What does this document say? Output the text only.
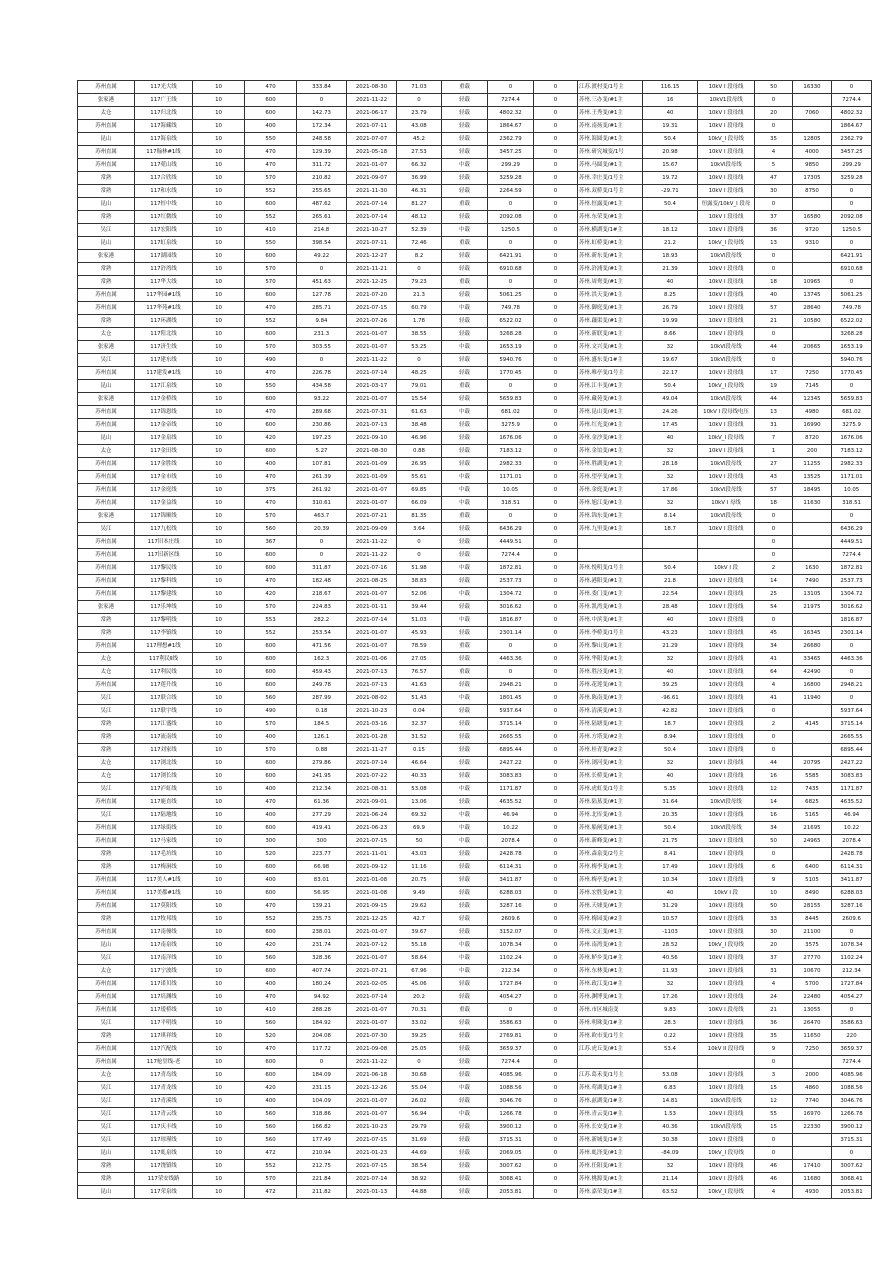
苏州直属	117光大线	10	470	333.84	2021-08-30	71.03	重载	0	0	江苏.渡村变/1号主	116.15	10kV I 段母线	50	16330	0
张家港	117广王线	10	600	0	2021-11-22	0	轻载	7274.4	0	苏州.三办变/#1主	16	10kV1段母线	0		7274.4
太仓	117归北线	10	600	142.73	2021-06-17	23.79	轻载	4802.32	0	苏州.王秀变/#1主	40	10kV I 段母线	20	7060	4802.32
苏州直属	117海藏线	10	400	172.34	2021-07-11	43.08	轻载	1864.67	0	苏州.南扬变/#1主	19.31	10kV I 段母线	0		1864.67
昆山	117海泉线	10	550	248.58	2021-07-07	45.2	轻载	2362.79	0	苏州.海圆变/#1主	50.4	10kV_I 段母线	35	12805	2362.79
苏州直属	117翰林#1线	10	470	129.39	2021-05-18	27.53	轻载	3457.25	0	苏州.研究城变/1号	20.98	10kV I 段母线	4	4000	3457.25
苏州直属	117菀山线	10	470	311.72	2021-01-07	66.32	中载	299.29	0	苏州.马圆变/#1主	15.67	10kVI段母线	5	9850	299.29
常熟	117合欣线	10	570	210.82	2021-09-07	36.99	轻载	3259.28	0	苏州.幸庄变/1号主	19.72	10kV I 段母线	47	17305	3259.28
常熟	117和水线	10	552	255.65	2021-11-30	46.31	轻载	2264.59	0	苏州.双桥变/1号主	-29.71	10kV I 段母线	30	8750	0
昆山	117恒中线	10	600	487.62	2021-07-14	81.27	重载	0	0	苏州.恒露变/#1主	50.4	恒露变/10kV_I 段母	0		0
常熟	117红微线	10	552	265.61	2021-07-14	48.12	轻载	2092.08	0	苏州.东荣变/#1主		10kV I 段母线	37	16580	2092.08
吴江	117宏阳线	10	410	214.8	2021-10-27	52.39	中载	1250.5	0	苏州.横湖变/1#主	18.12	10kV I 段母线	36	9720	1250.5
昆山	117虹泉线	10	550	398.54	2021-07-11	72.46	重载	0	0	苏州.虹桥变/#1主	21.2	10kV_I 段母线	13	9310	0
张家港	117湖园线	10	600	49.22	2021-12-27	8.2	轻载	6421.91	0	苏州.新东变/#1主	18.93	10kVI段母线	0		6421.91
常熟	117浒湾线	10	570	0	2021-11-21	0	轻载	6910.68	0	苏州.浒浦变/#1主	21.39	10kV I 段母线	0		6910.68
常熟	117华大线	10	570	451.63	2021-12-25	79.23	重载	0	0	苏州.周鸯变/#1主	40	10kV I 段母线	18	10965	0
苏州直属	117华园#1线	10	600	127.78	2021-07-20	21.3	轻载	5061.25	0	苏州.洪天变/#1主	8.25	10kV I 段母线	40	13745	5061.25
苏州直属	117华苑#1线	10	470	285.71	2021-07-15	60.79	中载	749.78	0	苏州.御庭变/#1主	26.79	10kV I 段母线	57	28640	749.78
常熟	117环湖线	10	552	9.84	2021-07-26	1.78	轻载	6522.02	0	苏州.藕渠变/#1主	19.99	10kV I 段母线	21	10580	6522.02
太仓	117隍北线	10	600	231.3	2021-01-07	38.55	轻载	3268.28	0	苏州.新联变/#1主	8.66	10kV I 段母线	0		3268.28
张家港	117济生线	10	570	303.55	2021-01-07	53.25	中载	1653.19	0	苏州.文兴变/#1主	32	10kVI段母线	44	20665	1653.19
吴江	117建东线	10	490	0	2021-11-22	0	轻载	5940.76	0	苏州.盛东变/1#主	19.67	10kVI段母线	0		5940.76
苏州直属	117建发#1线	10	470	226.78	2021-07-14	48.25	轻载	1770.45	0	苏州.唯亭变/1号主	22.17	10kV I 段母线	17	7250	1770.45
昆山	117江泉线	10	550	434.58	2021-03-17	79.01	重载	0	0	苏州.江丰变/#1主	50.4	10kV_I 段母线	19	7145	0
张家港	117金桥线	10	600	93.22	2021-01-07	15.54	轻载	5659.83	0	苏州.藏苑变/#1主	49.04	10kVI段母线	44	12345	5659.83
苏州直属	117锦恩线	10	470	289.68	2021-07-31	61.63	中载	681.02	0	苏州.昆山变/#1主	24.26	10kV I 段母线电压	13	4980	681.02
苏州直属	117金帝线	10	600	230.86	2021-07-13	38.48	轻载	3275.9	0	苏州.红光变/#1主	17.45	10kV I 段母线	31	16990	3275.9
昆山	117金泉线	10	420	197.23	2021-09-10	46.96	轻载	1676.06	0	苏州.金沙变/#1主	40	10kV_I 段母线	7	8720	1676.06
太仓	117金田线	10	600	5.27	2021-08-30	0.88	轻载	7183.12	0	苏州.金谊变/#1主	32	10kV I 段母线	1	200	7183.12
苏州直属	117金胜线	10	400	107.81	2021-01-09	26.95	轻载	2982.33	0	苏州.胜湖变/#1主	28.18	10kVI段母线	27	11255	2982.33
苏州直属	117金市线	10	470	261.39	2021-01-09	55.61	中载	1171.01	0	苏州.望亭变/#1主	32	10kV I 段母线	43	13525	1171.01
苏州直属	117金庭线	10	375	261.92	2021-01-07	69.85	中载	10.05	0	苏州.金庭变/#1主	17.86	10kVI段母线	57	18495	10.05
苏州直属	117金益线	10	470	310.61	2021-01-07	66.09	中载	318.51	0	苏州.旭江变/#1主	32	10kV I 母线	18	11630	318.51
张家港	117锦顺线	10	570	463.7	2021-07-21	81.35	重载	0	0	苏州.锦东变/#1主	8.14	10kVI段母线	0		0
吴江	117九松线	10	560	20.39	2021-09-09	3.64	轻载	6436.29	0	苏州.九里变/#1主	18.7	10kV I 段母线	0		6436.29
苏州直属	117旧本庄线	10	367	0	2021-11-22	0	轻载	4449.51	0				0		4449.51
苏州直属	117旧新区线	10	600	0	2021-11-22	0	轻载	7274.4	0				0		7274.4
苏州直属	117黎民线	10	600	311.87	2021-07-16	51.98	中载	1872.81	0	苏州.悦明变/1号主	50.4	10kV I 段	2	1630	1872.81
苏州直属	117黎科线	10	470	182.48	2021-08-25	38.83	轻载	2537.73	0	苏州.港阳变/#1主	21.8	10kV I 段母线	14	7490	2537.73
苏州直属	117黎建线	10	420	218.67	2021-01-07	52.06	中载	1304.72	0	苏州.娄门变/#1主	22.54	10kV I 段母线	25	13105	1304.72
张家港	117乐坤线	10	570	224.83	2021-01-11	39.44	轻载	3016.62	0	苏州.凯湾变/#1主	28.48	10kV I 段母线	54	21975	3016.62
常熟	117黎明线	10	553	282.2	2021-07-14	51.03	中载	1816.87	0	苏州.中滨变/#1主	40	10kV I 段母线	0		1816.87
常熟	117李镇线	10	552	253.54	2021-01-07	45.93	轻载	2301.14	0	苏州.李桥变/1号主	43.23	10kV I 段母线	45	16345	2301.14
苏州直属	117理想#1线	10	600	471.56	2021-01-07	78.59	重载	0	0	苏州.黎山变/#1主	21.29	10kV I 段母线	34	26680	0
太仓	117利民Ⅱ线	10	600	162.3	2021-01-06	27.05	轻载	4463.36	0	苏州.华阳变/#1主	32	10kV I 段母线	41	33465	4463.36
太仓	117利民线	10	600	459.43	2021-07-13	76.57	重载	0	0	苏州.胜泾变/#1主	40	10kV I 段母线	64	42490	0
苏州直属	117莲升线	10	600	249.78	2021-07-13	41.63	轻载	2948.21	0	苏州.花莲变/#1主	39.25	10kV I 段母线	4	16800	2948.21
吴江	117联合线	10	560	287.99	2021-08-02	51.43	中载	1801.45	0	苏州.陈南变/#1主	-96.61	10kV I 段母线	41	11940	0
吴江	117联宇线	10	490	0.18	2021-10-23	0.04	轻载	5937.64	0	苏州.清溪变/#1主	42.82	10kV I 段母线	0		5937.64
常熟	117江盛线	10	570	184.5	2021-03-16	32.37	轻载	3715.14	0	苏州.陆塘变/#1主	18.7	10kV I 段母线	2	4145	3715.14
常熟	117流南线	10	400	126.1	2021-01-28	31.52	轻载	2665.55	0	苏州.方塔变/#2主	8.94	10kV I 段母线	0		2665.55
常熟	117刘家线	10	570	0.88	2021-11-27	0.15	轻载	6895.44	0	苏州.桂青变/#2主	50.4	10kV I 段母线	0		6895.44
太仓	117浏北线	10	600	279.86	2021-07-14	46.64	轻载	2427.22	0	苏州.浏河变/#1主	32	10kV I 段母线	44	20795	2427.22
太仓	117浏长线	10	600	241.95	2021-07-22	40.33	轻载	3083.83	0	苏州.长桥变/#1主	40	10kV I 段母线	16	5585	3083.83
吴江	117泸虹线	10	400	212.34	2021-08-31	53.08	中载	1171.87	0	苏州.虎虹变/1号主	5.35	10kV I 段母线	12	7435	1171.87
苏州直属	117鹿直线	10	470	61.36	2021-09-01	13.06	轻载	4635.52	0	苏州.陆墓变/#1主	31.64	10kVI段母线	14	6825	4635.52
吴江	117陆地线	10	400	277.29	2021-06-24	69.32	中载	46.94	0	苏州.北厍变/#1主	20.35	10kV I 段母线	16	5165	46.94
苏州直属	117绿街线	10	600	419.41	2021-06-23	69.9	中载	10.22	0	苏州.船闸变/#1主	50.4	10kVI段母线	34	21695	10.22
苏州直属	117马家线	10	300	300	2021-07-15	50	中载	2078.4	0	苏州.新峰变/#1主	21.75	10kV I 段母线	50	24965	2078.4
常熟	117毛坊线	10	520	223.77	2021-11-01	43.03	轻载	2428.78	0	苏州.森泉变/2号主	8.41	10kV I 段母线	0		2428.78
常熟	117梅涧线	10	600	66.98	2021-09-12	11.16	轻载	6114.31	0	苏州.梅李变/#1主	17.49	10kV I 段母线	6	6400	6114.31
苏州直属	117美人#1线	10	400	83.01	2021-01-08	20.75	轻载	3411.87	0	苏州.梅亭变/#1主	10.34	10kV I 段母线	9	5105	3411.87
苏州直属	117美都#1线	10	600	56.95	2021-01-08	9.49	轻载	6288.03	0	苏州.宏胜变/#1主	40	10kV I 段	10	8490	6288.03
苏州直属	117莫阳线	10	470	139.21	2021-09-15	29.62	轻载	3287.16	0	苏州.天墟变/#1主	31.29	10kV I 段母线	50	28155	3287.16
常熟	117牧邦线	10	552	235.73	2021-12-25	42.7	轻载	2609.6	0	苏州.梅园变/#2主	10.57	10kV I 段母线	33	8445	2609.6
苏州直属	117南僮线	10	600	238.01	2021-01-07	39.67	轻载	3152.07	0	苏州.文正变/#1主	-1103	10kV I 段母线	30	21100	0
昆山	117南泉线	10	420	231.74	2021-07-12	55.18	中载	1078.34	0	苏州.南湾变/#1主	28.52	10kV_I 段母线	20	3575	1078.34
吴江	117南洋线	10	560	328.36	2021-01-07	58.64	中载	1102.24	0	苏州.鲈乡变/1#主	40.56	10kV I 段母线	37	27770	1102.24
太仓	117宁波线	10	600	407.74	2021-07-21	67.96	中载	212.34	0	苏州.东林变/#1主	11.93	10kV I 段母线	31	10670	212.34
苏州直属	117诺贝线	10	400	180.24	2021-02-05	45.06	轻载	1727.84	0	苏州.政江变/1#主	32	10kV I 段母线	4	5700	1727.84
苏州直属	117培渊线	10	470	94.92	2021-07-14	20.2	轻载	4054.27	0	苏州.渊博变/#1主	17.26	10kV I 段母线	24	22480	4054.27
苏州直属	117瑷桥线	10	410	288.28	2021-01-07	70.31	重载	0	0	苏州.市区城南变	9.83	10KV I 段母线	21	13055	0
吴江	117平明线	10	560	184.92	2021-01-07	33.02	轻载	3586.63	0	苏州.明珠变/1#主	28.3	10kV I 段母线	36	26470	3586.63
常熟	117琪祥线	10	520	204.08	2021-07-30	39.25	轻载	2769.81	0	苏州.欧市变/1号主	0.22	10kV I 段母线	35	11650	220
苏州直属	117汽配线	10	470	117.72	2021-09-08	25.05	轻载	3659.37	0	江苏.虎丘变/#1主	53.4	10kV II 段母线	9	7250	3659.37
苏州直属	117枪堂线-老	10	600	0	2021-11-22	0	轻载	7274.4	0				0		7274.4
太仓	117青岛线	10	600	184.09	2021-06-18	30.68	轻载	4085.96	0	江苏.葛禾变/1号主	53.08	10kV I 段母线	3	2000	4085.96
吴江	117青龙线	10	420	231.15	2021-12-26	55.04	中载	1088.56	0	苏州.莺湖变/1#主	6.83	10kV I 段母线	15	4860	1088.56
吴江	117青溪线	10	400	104.09	2021-01-07	26.02	轻载	3046.76	0	苏州.兹湖变/1#主	14.81	10kVI段母线	12	7740	3046.76
吴江	117青云线	10	560	318.86	2021-01-07	56.94	中载	1266.78	0	苏州.青云变/1#主	1.53	10kV I 段母线	55	16970	1266.78
吴江	117庆丰线	10	560	166.82	2021-10-23	29.79	轻载	3900.12	0	苏州.长安变/1#主	40.36	10kVI段母线	15	22330	3900.12
吴江	117琼瑾线	10	560	177.49	2021-07-15	31.69	轻载	3715.31	0	苏州.新城变/1#主	30.38	10kV I 段母线	0		3715.31
昆山	117虬泉线	10	472	210.94	2021-01-23	44.69	轻载	2069.05	0	苏州.虬泽变/#1主	-84.09	10kV_I 段母线	0		0
常熟	117饶镇线	10	552	212.75	2021-07-15	38.54	轻载	3007.62	0	苏州.任阳变/#1主	32	10kV I 段母线	46	17410	3007.62
常熟	117荣安线路	10	570	221.84	2021-07-14	38.92	轻载	3068.41	0	苏州.桃源变/#1主	21.14	10kV I 段母线	46	11680	3068.41
昆山	117荣泉线	10	472	211.82	2021-01-13	44.88	轻载	2053.81	0	苏州.嘉荣变/1#主	63.52	10kV_I 段母线	4	4930	2053.81
